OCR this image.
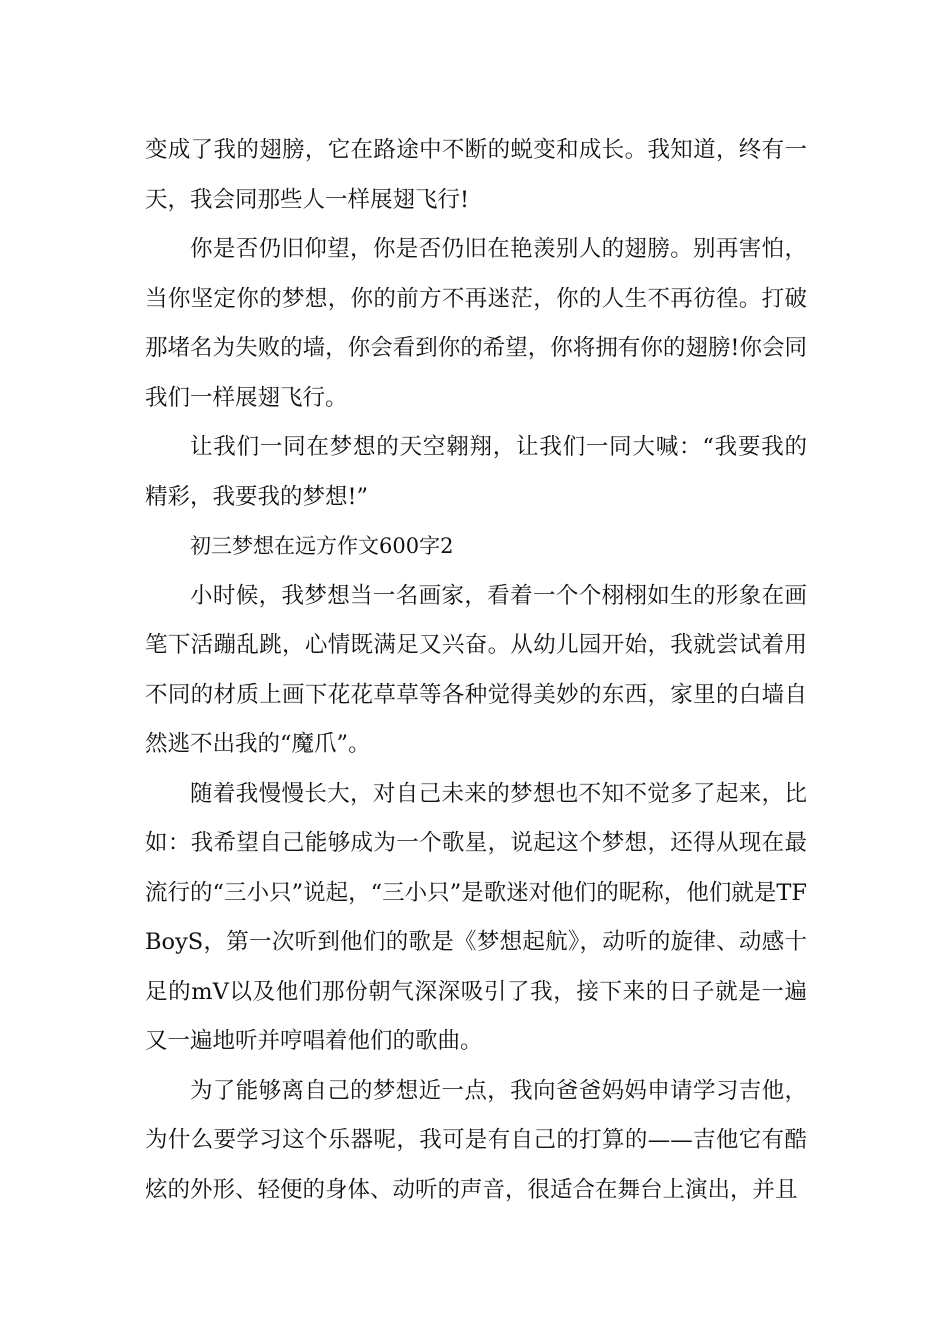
变成了我的翅膀，它在路途中不断的蜕变和成长。我知道，终有一天，我会同那些人一样展翅飞行!

你是否仍旧仰望，你是否仍旧在艳羡别人的翅膀。别再害怕，当你坚定你的梦想，你的前方不再迷茫，你的人生不再彷徨。打破那堵名为失败的墙，你会看到你的希望，你将拥有你的翅膀!你会同我们一样展翅飞行。

让我们一同在梦想的天空翱翔，让我们一同大喊：“我要我的精彩，我要我的梦想!”

初三梦想在远方作文600字2

小时候，我梦想当一名画家，看着一个个栩栩如生的形象在画笔下活蹦乱跳，心情既满足又兴奋。从幼儿园开始，我就尝试着用不同的材质上画下花花草草等各种觉得美妙的东西，家里的白墙自然逃不出我的“魔爪”。

随着我慢慢长大，对自己未来的梦想也不知不觉多了起来，比如：我希望自己能够成为一个歌星，说起这个梦想，还得从现在最流行的“三小只”说起，“三小只”是歌迷对他们的昵称，他们就是TFBoyS，第一次听到他们的歌是《梦想起航》，动听的旋律、动感十足的mV以及他们那份朝气深深吸引了我，接下来的日子就是一遍又一遍地听并哼唱着他们的歌曲。

为了能够离自己的梦想近一点，我向爸爸妈妈申请学习吉他，为什么要学习这个乐器呢，我可是有自己的打算的——吉他它有酷炫的外形、轻便的身体、动听的声音，很适合在舞台上演出，并且
